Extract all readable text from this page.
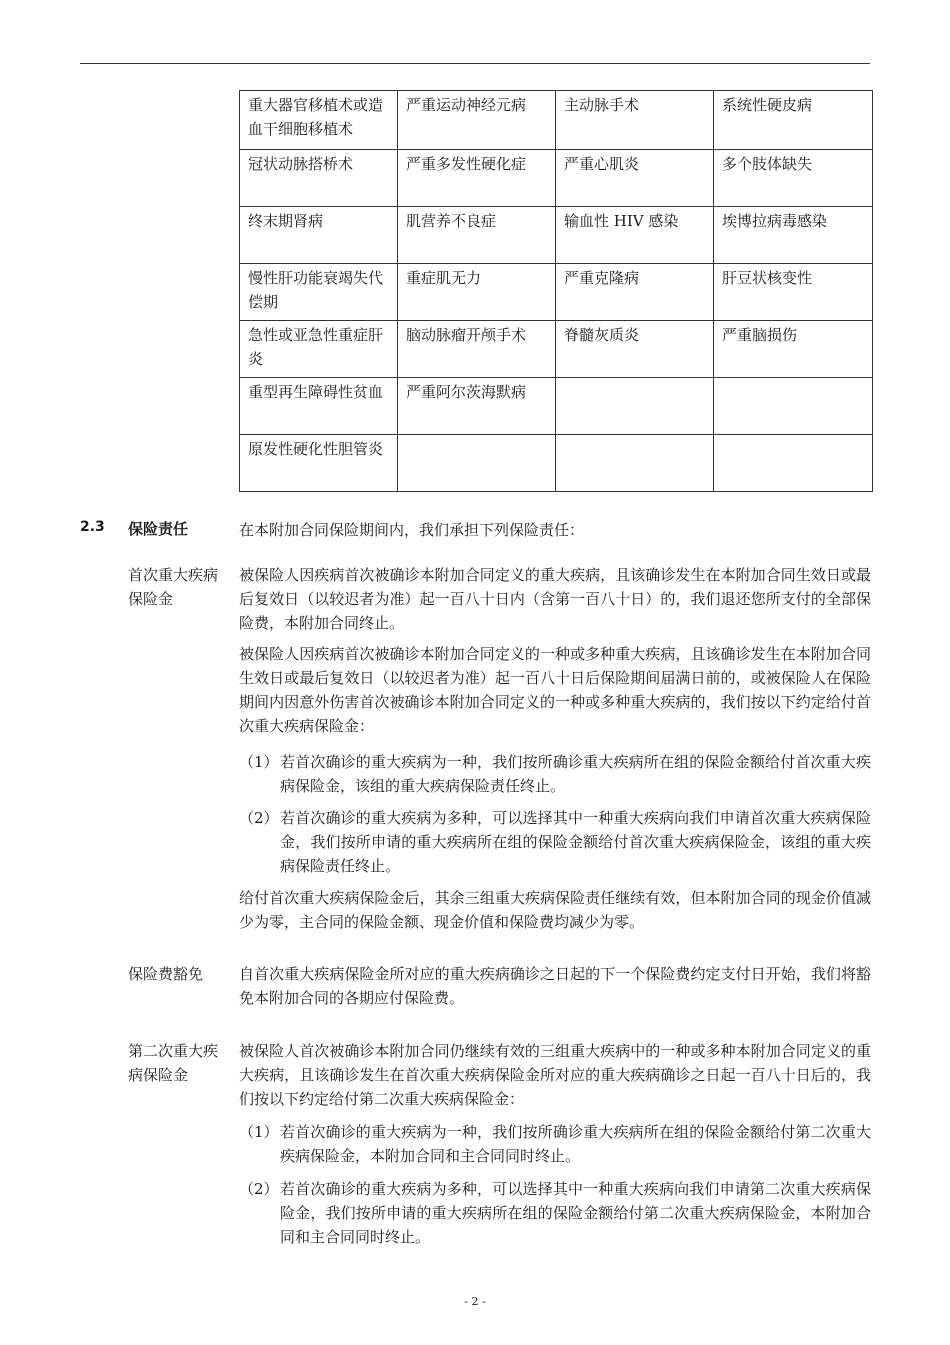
重大器官移植术或造血干细胞移植术	严重运动神经元病	主动脉手术	系统性硬皮病
冠状动脉搭桥术	严重多发性硬化症	严重心肌炎	多个肢体缺失
终末期肾病	肌营养不良症	输血性 HIV 感染	埃博拉病毒感染
慢性肝功能衰竭失代偿期	重症肌无力	严重克隆病	肝豆状核变性
急性或亚急性重症肝炎	脑动脉瘤开颅手术	脊髓灰质炎	严重脑损伤
重型再生障碍性贫血	严重阿尔茨海默病		
原发性硬化性胆管炎			
2.3 保险责任	在本附加合同保险期间内，我们承担下列保险责任：
首次重大疾病保险金
被保险人因疾病首次被确诊本附加合同定义的重大疾病，且该确诊发生在本附加合同生效日或最后复效日（以较迟者为准）起一百八十日内（含第一百八十日）的，我们退还您所支付的全部保险费，本附加合同终止。
被保险人因疾病首次被确诊本附加合同定义的一种或多种重大疾病，且该确诊发生在本附加合同生效日或最后复效日（以较迟者为准）起一百八十日后保险期间届满日前的，或被保险人在保险期间内因意外伤害首次被确诊本附加合同定义的一种或多种重大疾病的，我们按以下约定给付首次重大疾病保险金：
（1） 若首次确诊的重大疾病为一种，我们按所确诊重大疾病所在组的保险金额给付首次重大疾病保险金，该组的重大疾病保险责任终止。
（2） 若首次确诊的重大疾病为多种，可以选择其中一种重大疾病向我们申请首次重大疾病保险金，我们按所申请的重大疾病所在组的保险金额给付首次重大疾病保险金，该组的重大疾病保险责任终止。
给付首次重大疾病保险金后，其余三组重大疾病保险责任继续有效，但本附加合同的现金价值减少为零，主合同的保险金额、现金价值和保险费均减少为零。
保险费豁免	自首次重大疾病保险金所对应的重大疾病确诊之日起的下一个保险费约定支付日开始，我们将豁免本附加合同的各期应付保险费。
第二次重大疾病保险金
被保险人首次被确诊本附加合同仍继续有效的三组重大疾病中的一种或多种本附加合同定义的重大疾病，且该确诊发生在首次重大疾病保险金所对应的重大疾病确诊之日起一百八十日后的，我们按以下约定给付第二次重大疾病保险金：
（1） 若首次确诊的重大疾病为一种，我们按所确诊重大疾病所在组的保险金额给付第二次重大疾病保险金，本附加合同和主合同同时终止。
（2） 若首次确诊的重大疾病为多种，可以选择其中一种重大疾病向我们申请第二次重大疾病保险金，我们按所申请的重大疾病所在组的保险金额给付第二次重大疾病保险金，本附加合同和主合同同时终止。
- 2 -
